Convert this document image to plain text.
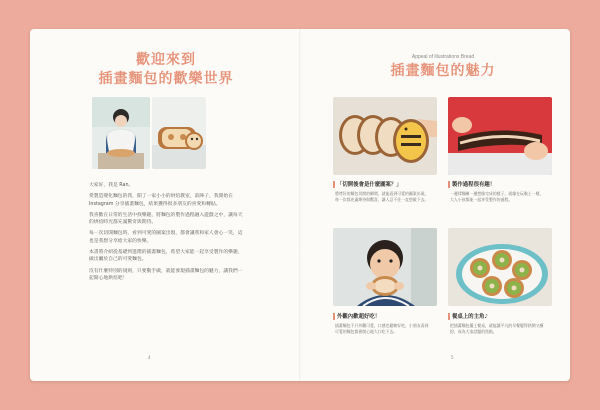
歡迎來到
插畫麵包的歡樂世界

大家好，我是 Ran。

愛製造變化麵包的我，開了一家小小的烘焙教室，前陣子，我開始在 Instagram 分享插畫麵包，結果獲得很多朋友的喜愛和轉貼。

我喜歡在日常的生活中找樂趣，將麵包的製作過程融入遊戲之中，讓每天的烘焙時光都充滿驚奇與期待。

每一次切開麵包時，看到可愛的圖案出現，都會讓我和家人會心一笑，這也是我想分享給大家的快樂。

本書將介紹從基礎到進階的插畫麵包，希望大家能一起享受製作的樂趣，做出屬於自己的可愛麵包。

沒有什麼特別的規則，只要動手做，就能發現插畫麵包的魅力，讓我們一起開心地烘焙吧！

4
Appeal of illustrations Bread
插畫麵包的魅力
「切開後會是什麼圖案？」

將烤好的麵包切開的瞬間，就能看到可愛的圖案出現，每一次都充滿期待與驚喜，讓人忍不住一直想做下去。

製作過程很有趣！

一邊揉麵團一邊想像完成的樣子，就像在玩黏土一樣，大人小孩都能一起享受製作的過程。

外觀內歡超好吃！

插畫麵包不只外觀可愛，口感也鬆軟好吃，小朋友看到可愛的麵包都會開心地大口吃下去。

餐桌上的主角♪

把插畫麵包擺上餐桌，就能讓平凡的早餐變得熱鬧又繽紛，成為大家話題的焦點。

5
